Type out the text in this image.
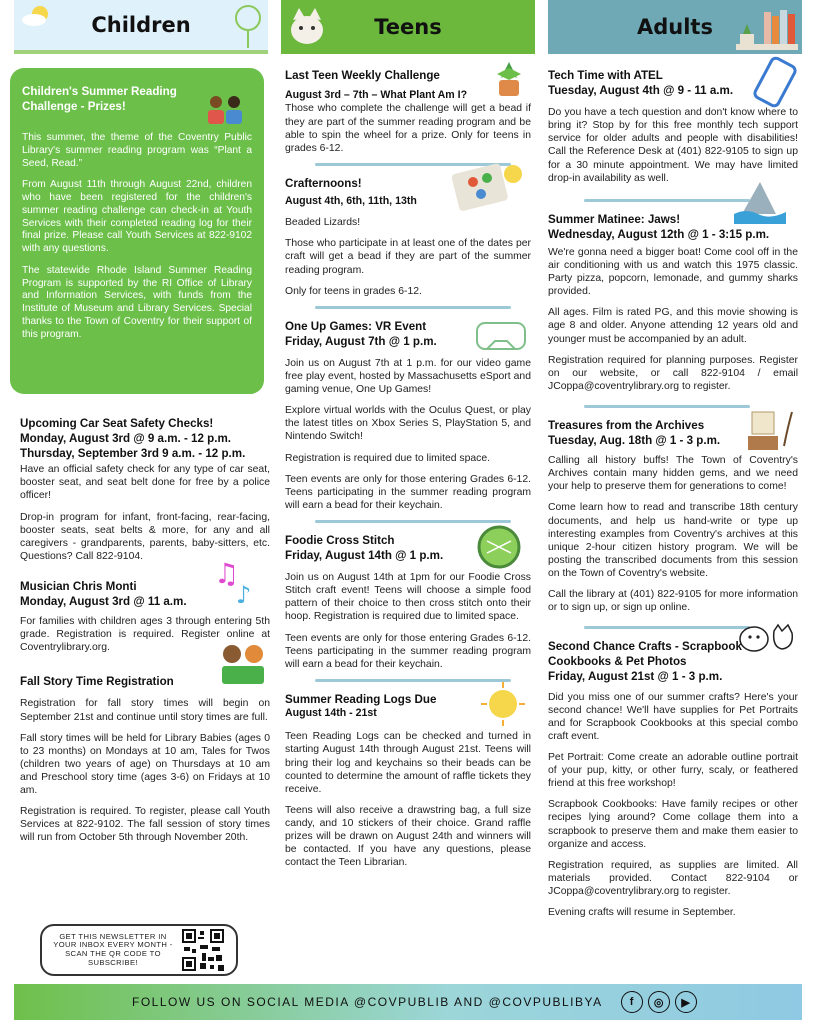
Children	Teens	Adults
Children's Summer Reading Challenge - Prizes!

This summer, the theme of the Coventry Public Library's summer reading program was “Plant a Seed, Read.”

From August 11th through August 22nd, children who have been registered for the children's summer reading challenge can check-in at Youth Services with their completed reading log for their final prize. Please call Youth Services at 822-9102 with any questions.

The statewide Rhode Island Summer Reading Program is supported by the RI Office of Library and Information Services, with funds from the Institute of Museum and Library Services. Special thanks to the Town of Coventry for their support of this program.

Upcoming Car Seat Safety Checks!
Monday, August 3rd @ 9 a.m. - 12 p.m.
Thursday, September 3rd 9 a.m. - 12 p.m.

Have an official safety check for any type of car seat, booster seat, and seat belt done for free by a police officer!

Drop-in program for infant, front-facing, rear-facing, booster seats, seat belts & more, for any and all caregivers - grandparents, parents, baby-sitters, etc. Questions? Call 822-9104.

♫
♪
Musician Chris Monti
Monday, August 3rd @ 11 a.m.

For families with children ages 3 through entering 5th grade. Registration is required. Register online at Coventrylibrary.org.

Fall Story Time Registration

Registration for fall story times will begin on September 21st and continue until story times are full.

Fall story times will be held for Library Babies (ages 0 to 23 months) on Mondays at 10 am, Tales for Twos (children two years of age) on Thursdays at 10 am and Preschool story time (ages 3-6) on Fridays at 10 am.

Registration is required. To register, please call Youth Services at 822-9102. The fall session of story times will run from October 5th through November 20th.

GET THIS NEWSLETTER IN YOUR INBOX EVERY MONTH - SCAN THE QR CODE TO SUBSCRIBE!
Last Teen Weekly Challenge
August 3rd – 7th – What Plant Am I?

Those who complete the challenge will get a bead if they are part of the summer reading program and be able to spin the wheel for a prize. Only for teens in grades 6-12.

Crafternoons!
August 4th, 6th, 11th, 13th

Beaded Lizards!

Those who participate in at least one of the dates per craft will get a bead if they are part of the summer reading program.

Only for teens in grades 6-12.

One Up Games: VR Event
Friday, August 7th @ 1 p.m.

Join us on August 7th at 1 p.m. for our video game free play event, hosted by Massachusetts eSport and gaming venue, One Up Games!

Explore virtual worlds with the Oculus Quest, or play the latest titles on Xbox Series S, PlayStation 5, and Nintendo Switch!

Registration is required due to limited space.

Teen events are only for those entering Grades 6-12. Teens participating in the summer reading program will earn a bead for their keychain.

Foodie Cross Stitch
Friday, August 14th @ 1 p.m.

Join us on August 14th at 1pm for our Foodie Cross Stitch craft event! Teens will choose a simple food pattern of their choice to then cross stitch onto their hoop. Registration is required due to limited space.

Teen events are only for those entering Grades 6-12. Teens participating in the summer reading program will earn a bead for their keychain.

Summer Reading Logs Due
August 14th - 21st

Teen Reading Logs can be checked and turned in starting August 14th through August 21st. Teens will bring their log and keychains so their beads can be counted to determine the amount of raffle tickets they receive.

Teens will also receive a drawstring bag, a full size candy, and 10 stickers of their choice. Grand raffle prizes will be drawn on August 24th and winners will be contacted. If you have any questions, please contact the Teen Librarian.

Tech Time with ATEL
Tuesday, August 4th @ 9 - 11 a.m.

Do you have a tech question and don't know where to bring it? Stop by for this free monthly tech support service for older adults and people with disabilities! Call the Reference Desk at (401) 822-9105 to sign up for a 30 minute appointment. We may have limited drop-in availability as well.

Summer Matinee: Jaws!
Wednesday, August 12th @ 1 - 3:15 p.m.

We're gonna need a bigger boat! Come cool off in the air conditioning with us and watch this 1975 classic. Party pizza, popcorn, lemonade, and gummy sharks provided.

All ages. Film is rated PG, and this movie showing is age 8 and older. Anyone attending 12 years old and younger must be accompanied by an adult.

Registration required for planning purposes. Register on our website, or call 822-9104 / email JCoppa@coventrylibrary.org to register.

Treasures from the Archives
Tuesday, Aug. 18th @ 1 - 3 p.m.

Calling all history buffs! The Town of Coventry's Archives contain many hidden gems, and we need your help to preserve them for generations to come!

Come learn how to read and transcribe 18th century documents, and help us hand-write or type up interesting examples from Coventry's archives at this unique 2-hour citizen history program. We will be posting the transcribed documents from this session on the Town of Coventry's website.

Call the library at (401) 822-9105 for more information or to sign up, or sign up online.

Second Chance Crafts - Scrapbook Cookbooks & Pet Photos
Friday, August 21st @ 1 - 3 p.m.

Did you miss one of our summer crafts? Here's your second chance! We'll have supplies for Pet Portraits and for Scrapbook Cookbooks at this special combo craft event.

Pet Portrait: Come create an adorable outline portrait of your pup, kitty, or other furry, scaly, or feathered friend at this free workshop!

Scrapbook Cookbooks: Have family recipes or other recipes lying around? Come collage them into a scrapbook to preserve them and make them easier to organize and access.

Registration required, as supplies are limited. All materials provided. Contact 822-9104 or JCoppa@coventrylibrary.org to register.

Evening crafts will resume in September.

FOLLOW US ON SOCIAL MEDIA @COVPUBLIB AND @COVPUBLIBYA	f	◎	▶
